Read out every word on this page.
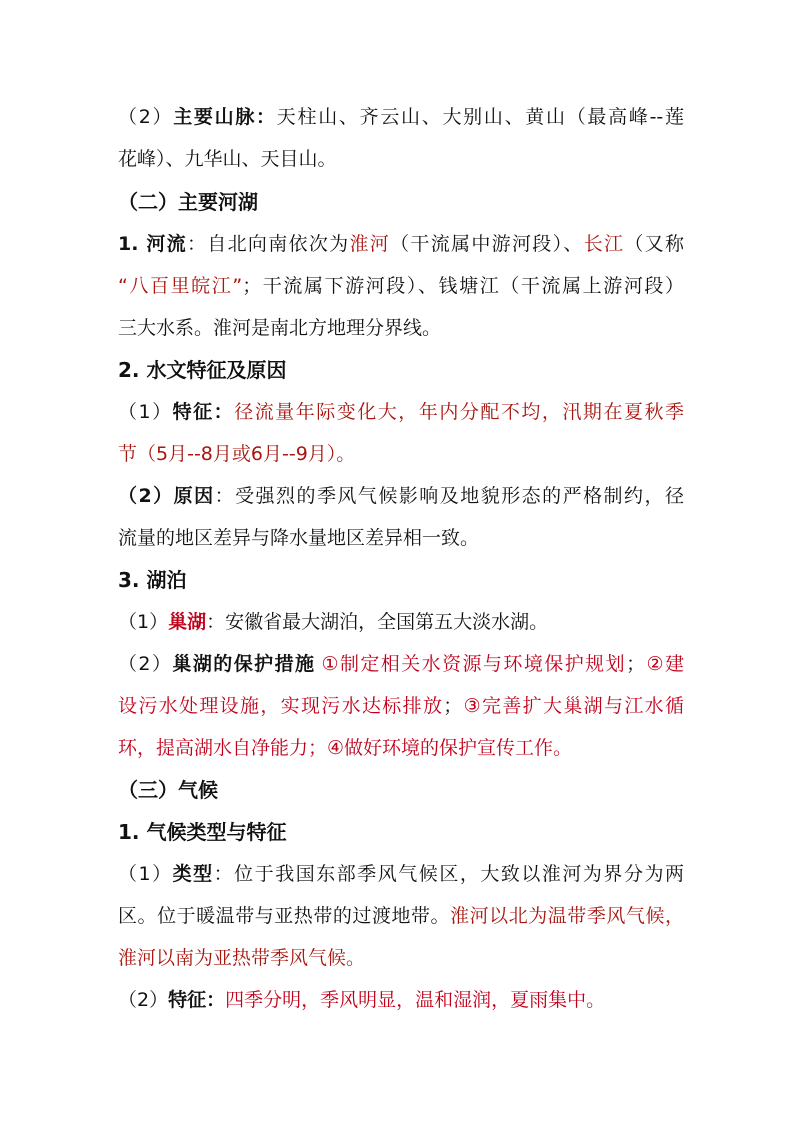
（2）主要山脉：天柱山、齐云山、大别山、黄山（最高峰--莲
花峰）、九华山、天目山。
（二）主要河湖
1. 河流：自北向南依次为淮河（干流属中游河段）、长江（又称
“八百里皖江”；干流属下游河段）、钱塘江（干流属上游河段）
三大水系。淮河是南北方地理分界线。
2. 水文特征及原因
（1）特征：径流量年际变化大，年内分配不均，汛期在夏秋季
节（5月--8月或6月--9月）。
（2）原因：受强烈的季风气候影响及地貌形态的严格制约，径
流量的地区差异与降水量地区差异相一致。
3. 湖泊
（1）巢湖：安徽省最大湖泊，全国第五大淡水湖。
（2）巢湖的保护措施 ①制定相关水资源与环境保护规划；②建
设污水处理设施，实现污水达标排放；③完善扩大巢湖与江水循
环，提高湖水自净能力；④做好环境的保护宣传工作。
（三）气候
1. 气候类型与特征
（1）类型：位于我国东部季风气候区，大致以淮河为界分为两
区。位于暖温带与亚热带的过渡地带。淮河以北为温带季风气候，
淮河以南为亚热带季风气候。
（2）特征：四季分明，季风明显，温和湿润，夏雨集中。
